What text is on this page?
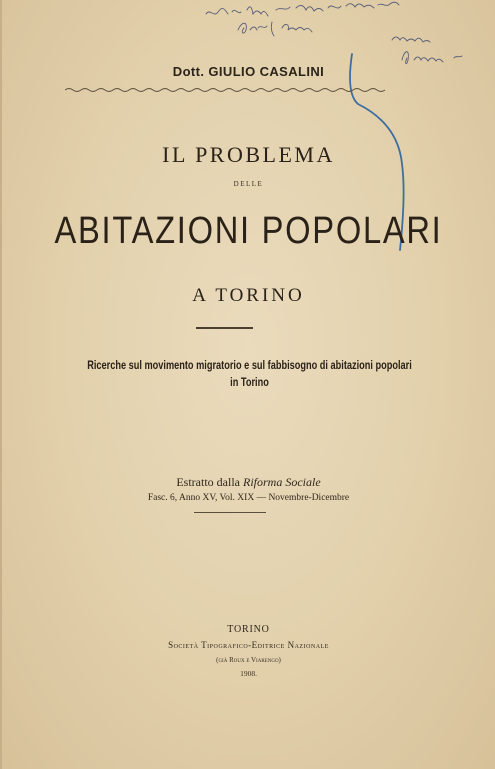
Dott. GIULIO CASALINI
IL PROBLEMA
DELLE
ABITAZIONI POPOLARI
A TORINO
Ricerche sul movimento migratorio e sul fabbisogno di abitazioni popolari
in Torino
Estratto dalla Riforma Sociale
Fasc. 6, Anno XV, Vol. XIX — Novembre-Dicembre
TORINO
Società Tipografico-Editrice Nazionale
(già Roux e Viarengo)
1908.
